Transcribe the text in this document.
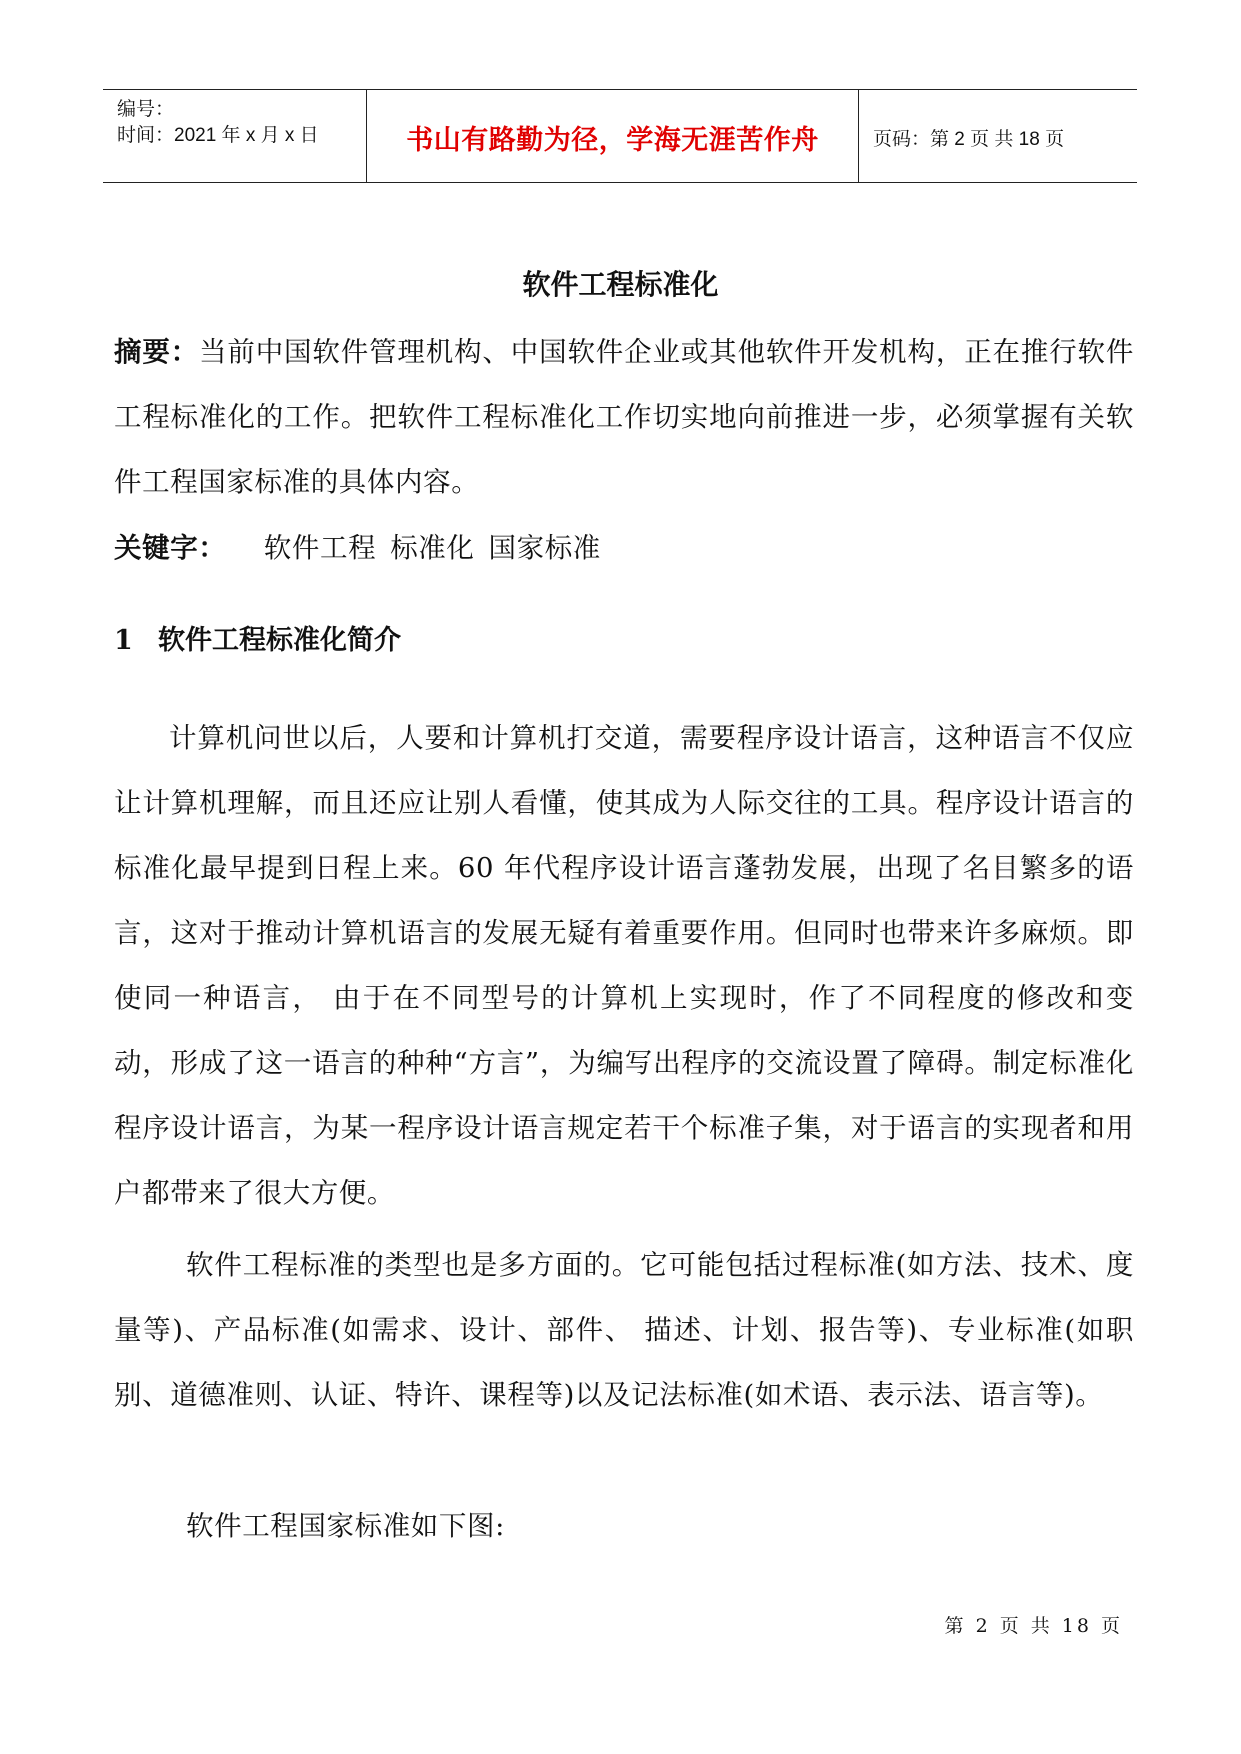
编号：
时间：2021 年 x 月 x 日	书山有路勤为径，学海无涯苦作舟	页码：第 2 页 共 18 页
软件工程标准化
摘要：当前中国软件管理机构、中国软件企业或其他软件开发机构，正在推行软件工程标准化的工作。把软件工程标准化工作切实地向前推进一步，必须掌握有关软件工程国家标准的具体内容。
关键字： 软件工程 标准化 国家标准
1 软件工程标准化简介
计算机问世以后，人要和计算机打交道，需要程序设计语言，这种语言不仅应让计算机理解，而且还应让别人看懂，使其成为人际交往的工具。程序设计语言的标准化最早提到日程上来。60 年代程序设计语言蓬勃发展，出现了名目繁多的语言，这对于推动计算机语言的发展无疑有着重要作用。但同时也带来许多麻烦。即使同一种语言， 由于在不同型号的计算机上实现时，作了不同程度的修改和变动，形成了这一语言的种种“方言”，为编写出程序的交流设置了障碍。制定标准化程序设计语言，为某一程序设计语言规定若干个标准子集，对于语言的实现者和用户都带来了很大方便。
软件工程标准的类型也是多方面的。它可能包括过程标准(如方法、技术、度量等)、产品标准(如需求、设计、部件、 描述、计划、报告等)、专业标准(如职别、道德准则、认证、特许、课程等)以及记法标准(如术语、表示法、语言等)。
软件工程国家标准如下图:
第 2 页 共 18 页
